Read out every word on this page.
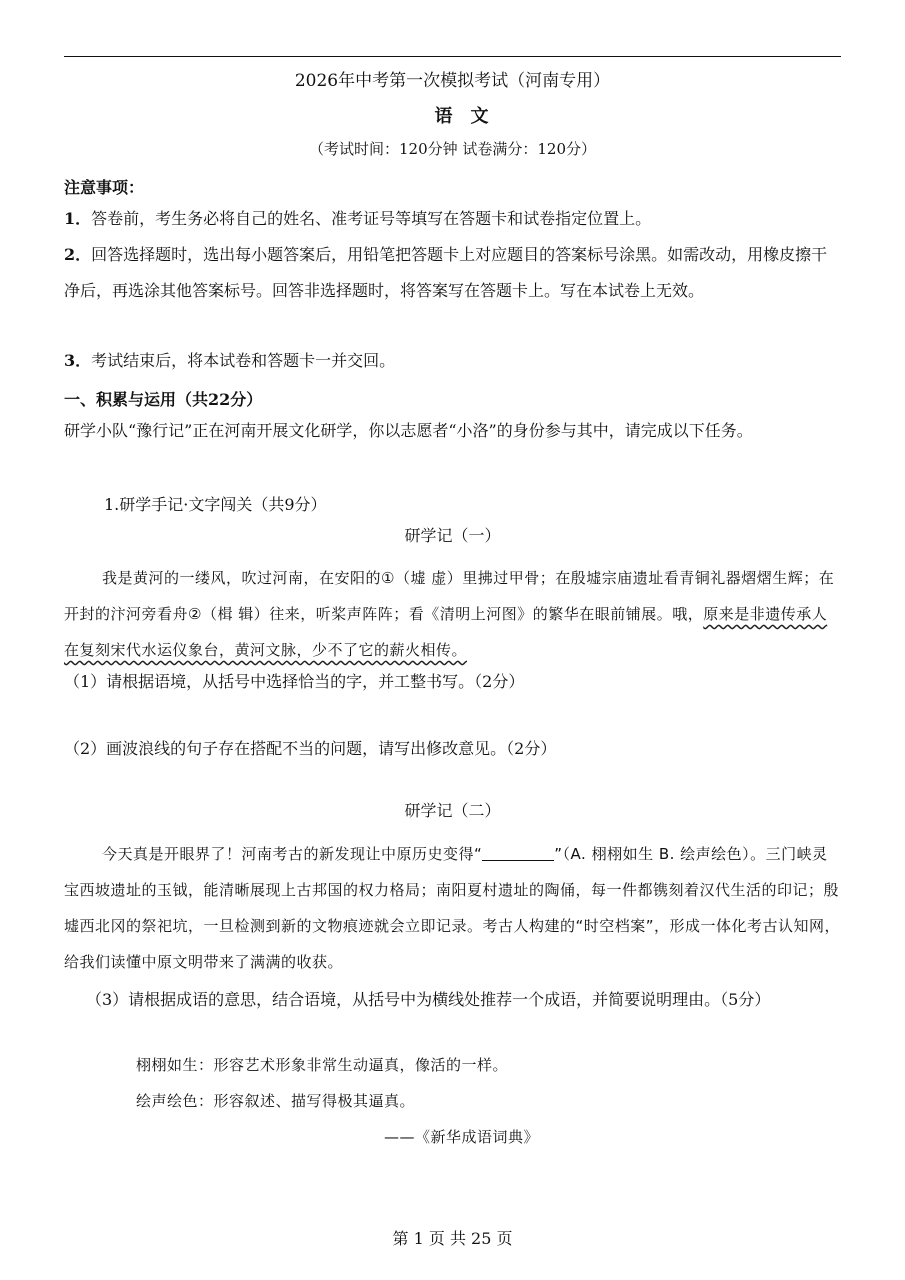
2026年中考第一次模拟考试（河南专用）
语文
（考试时间：120分钟 试卷满分：120分）
注意事项：
1．答卷前，考生务必将自己的姓名、准考证号等填写在答题卡和试卷指定位置上。
2．回答选择题时，选出每小题答案后，用铅笔把答题卡上对应题目的答案标号涂黑。如需改动，用橡皮擦干净后，再选涂其他答案标号。回答非选择题时，将答案写在答题卡上。写在本试卷上无效。
3．考试结束后，将本试卷和答题卡一并交回。
一、积累与运用（共22分）
研学小队“豫行记”正在河南开展文化研学，你以志愿者“小洛”的身份参与其中，请完成以下任务。
1.研学手记·文字闯关（共9分）
研学记（一）
我是黄河的一缕风，吹过河南，在安阳的①（墟 虚）里拂过甲骨；在殷墟宗庙遗址看青铜礼器熠熠生辉；在开封的汴河旁看舟②（楫 辑）往来，听桨声阵阵；看《清明上河图》的繁华在眼前铺展。哦，原来是非遗传承人在复刻宋代水运仪象台，黄河文脉，少不了它的薪火相传。
（1）请根据语境，从括号中选择恰当的字，并工整书写。（2分）
（2）画波浪线的句子存在搭配不当的问题，请写出修改意见。（2分）
研学记（二）
今天真是开眼界了！河南考古的新发现让中原历史变得“	”（A. 栩栩如生 B. 绘声绘色）。三门峡灵宝西坡遗址的玉钺，能清晰展现上古邦国的权力格局；南阳夏村遗址的陶俑，每一件都镌刻着汉代生活的印记；殷墟西北冈的祭祀坑，一旦检测到新的文物痕迹就会立即记录。考古人构建的“时空档案”，形成一体化考古认知网，给我们读懂中原文明带来了满满的收获。
（3）请根据成语的意思，结合语境，从括号中为横线处推荐一个成语，并简要说明理由。（5分）
栩栩如生：形容艺术形象非常生动逼真，像活的一样。
绘声绘色：形容叙述、描写得极其逼真。
——《新华成语词典》
第 1 页 共 25 页
